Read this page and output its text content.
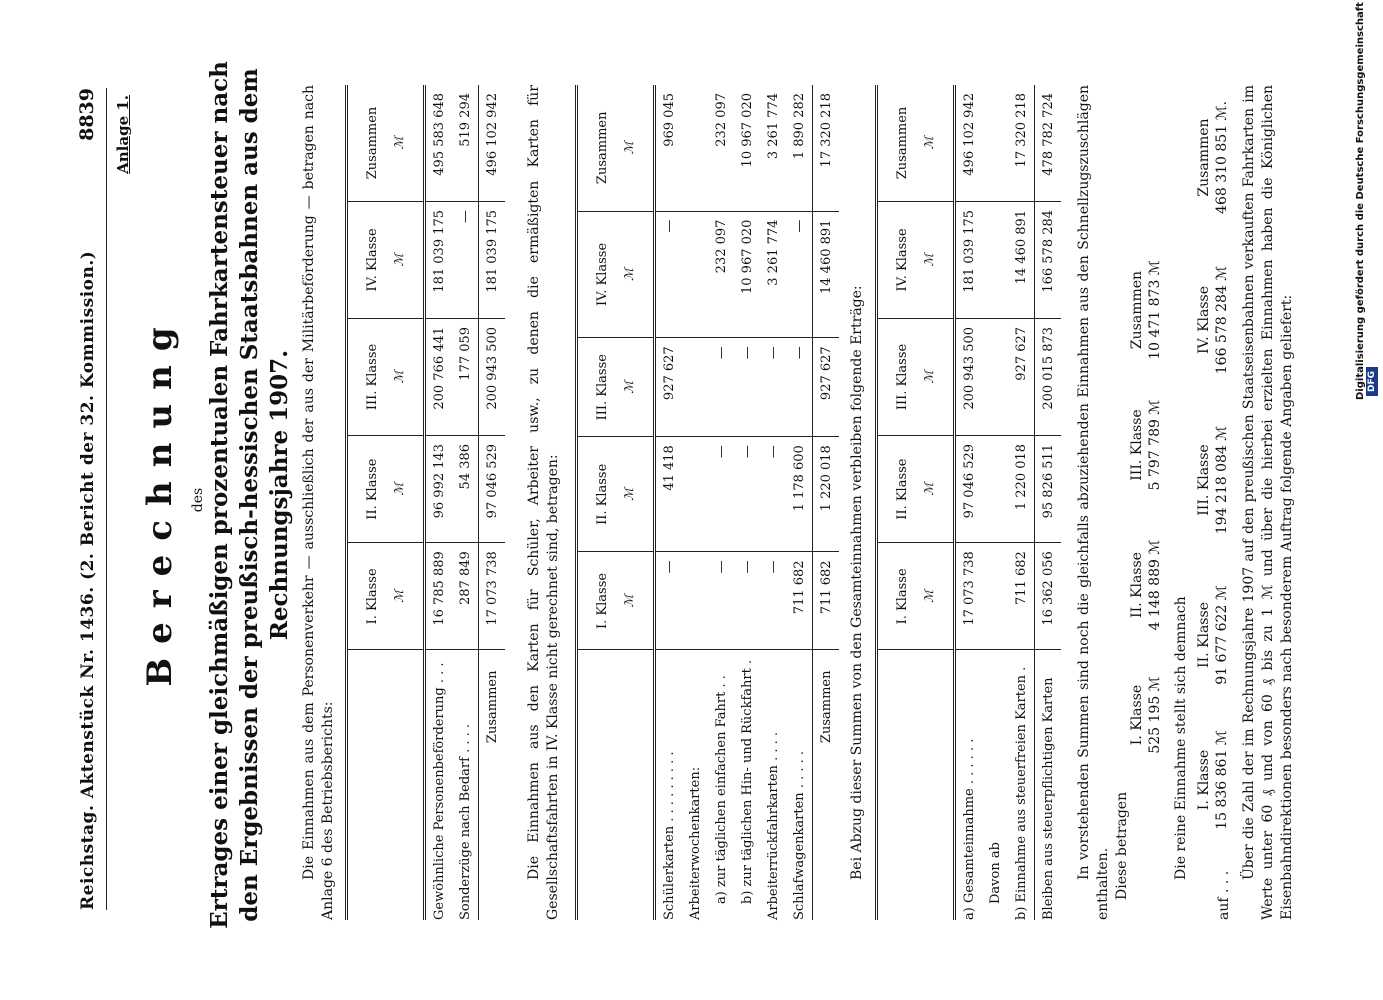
Reichstag. Aktenstück Nr. 1436. (2. Bericht der 32. Kommission.)
8839 Anlage 1.
Berechnung des Ertrages einer gleichmäßigen prozentualen Fahrkartensteuer nach den Ergebnissen der preußisch-hessischen Staatsbahnen aus dem Rechnungsjahre 1907. Die Einnahmen aus dem Personenverkehr — ausschließlich der aus der Militärbeförderung — betragen nach Anlage 6 des Betriebsberichts:
	I. Klasse ℳ	II. Klasse ℳ	III. Klasse ℳ	IV. Klasse ℳ	Zusammen ℳ

Gewöhnliche Personenbeförderung . . .	16 785 889	96 992 143	200 766 441	181 039 175	495 583 648
Sonderzüge nach Bedarf . . . .	287 849	54 386	177 059	—	519 294
Zusammen	17 073 738	97 046 529	200 943 500	181 039 175	496 102 942 Die Einnahmen aus den Karten für Schüler, Arbeiter usw., zu denen die ermäßigten Karten für Gesellschaftsfahrten in IV. Klasse nicht gerechnet sind, betragen:
		I. Klasse ℳ	II. Klasse ℳ	III. Klasse ℳ	IV. Klasse ℳ	Zusammen ℳ

Schülerkarten . . . . . . . . .	—	41 418	927 627	—	969 045
Arbeiterwochenkarten:					
a) zur täglichen einfachen Fahrt . .	—	—	—	232 097	232 097
b) zur täglichen Hin- und Rückfahrt .	—	—	—	10 967 020	10 967 020
Arbeiterrückfahrkarten . . . .	—	—	—	3 261 774	3 261 774
Schlafwagenkarten . . . . .	711 682	1 178 600	—	—	1 890 282
Zusammen	711 682	1 220 018	927 627	14 460 891	17 320 218
Bei Abzug dieser Summen von den Gesamteinnahmen verbleiben folgende Erträge:
	I. Klasse ℳ	II. Klasse ℳ	III. Klasse ℳ	IV. Klasse ℳ	Zusammen ℳ

a) Gesamteinnahme . . . . . .	17 073 738	97 046 529	200 943 500	181 039 175	496 102 942
Davon ab					
b) Einnahme aus steuerfreien Karten .	711 682	1 220 018	927 627	14 460 891	17 320 218
Bleiben aus steuerpflichtigen Karten	16 362 056	95 826 511	200 015 873	166 578 284	478 782 724 In vorstehenden Summen sind noch die gleichfalls abzuziehenden Einnahmen aus den Schnellzugszuschlägen enthalten. Diese betragen
I. Klasse 525 195 ℳ
II. Klasse 4 148 889 ℳ
III. Klasse 5 797 789 ℳ
Zusammen 10 471 873 ℳ
Die reine Einnahme stellt sich demnach
auf . . .
I. Klasse 15 836 861 ℳ
II. Klasse 91 677 622 ℳ
III. Klasse 194 218 084 ℳ
IV. Klasse 166 578 284 ℳ
Zusammen 468 310 851 ℳ. Über die Zahl der im Rechnungsjahre 1907 auf den preußischen Staatseisenbahnen verkauften Fahrkarten im Werte unter 60 ₰ und von 60 ₰ bis zu 1 ℳ und über die hierbei erzielten Einnahmen haben die Königlichen Eisenbahndirektionen besonders nach besonderem Auftrag folgende Angaben geliefert:
Digitalisierung gefördert durch die Deutsche Forschungsgemeinschaft DFG
